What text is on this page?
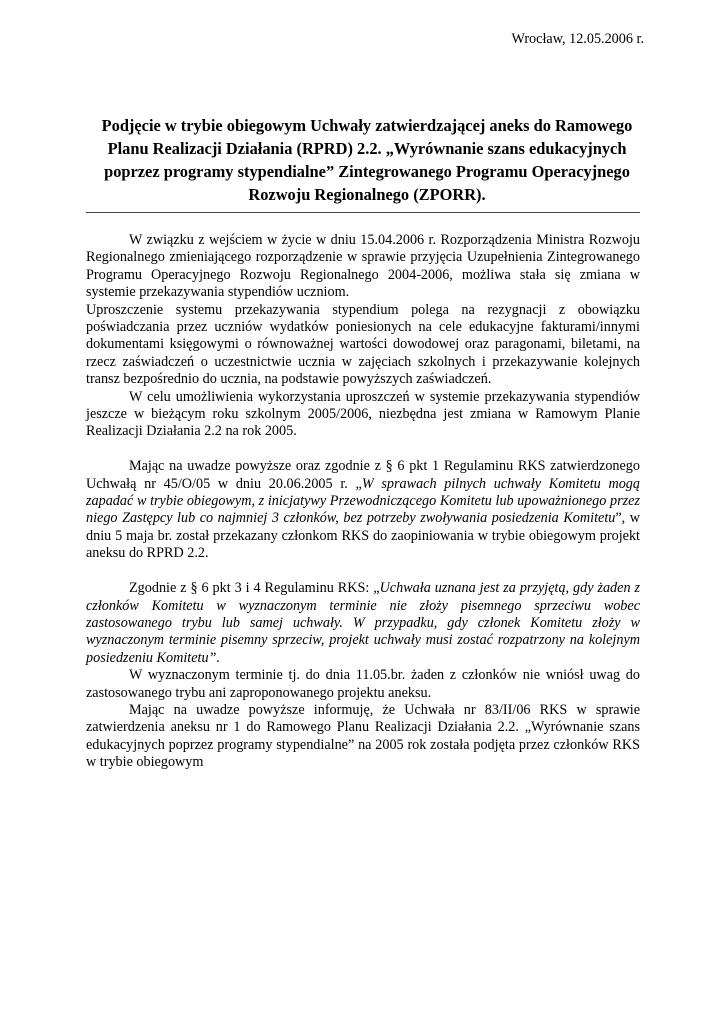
Wrocław, 12.05.2006 r.
Podjęcie w trybie obiegowym Uchwały zatwierdzającej aneks do Ramowego Planu Realizacji Działania (RPRD) 2.2. „Wyrównanie szans edukacyjnych poprzez programy stypendialne” Zintegrowanego Programu Operacyjnego Rozwoju Regionalnego (ZPORR).

W związku z wejściem w życie w dniu 15.04.2006 r. Rozporządzenia Ministra Rozwoju Regionalnego zmieniającego rozporządzenie w sprawie przyjęcia Uzupełnienia Zintegrowanego Programu Operacyjnego Rozwoju Regionalnego 2004-2006, możliwa stała się zmiana w systemie przekazywania stypendiów uczniom.

Uproszczenie systemu przekazywania stypendium polega na rezygnacji z obowiązku poświadczania przez uczniów wydatków poniesionych na cele edukacyjne fakturami/innymi dokumentami księgowymi o równoważnej wartości dowodowej oraz paragonami, biletami, na rzecz zaświadczeń o uczestnictwie ucznia w zajęciach szkolnych i przekazywanie kolejnych transz bezpośrednio do ucznia, na podstawie powyższych zaświadczeń.

W celu umożliwienia wykorzystania uproszczeń w systemie przekazywania stypendiów jeszcze w bieżącym roku szkolnym 2005/2006, niezbędna jest zmiana w Ramowym Planie Realizacji Działania 2.2 na rok 2005.

Mając na uwadze powyższe oraz zgodnie z § 6 pkt 1 Regulaminu RKS zatwierdzonego Uchwałą nr 45/O/05 w dniu 20.06.2005 r. „W sprawach pilnych uchwały Komitetu mogą zapadać w trybie obiegowym, z inicjatywy Przewodniczącego Komitetu lub upoważnionego przez niego Zastępcy lub co najmniej 3 członków, bez potrzeby zwoływania posiedzenia Komitetu”, w dniu 5 maja br. został przekazany członkom RKS do zaopiniowania w trybie obiegowym projekt aneksu do RPRD 2.2.

Zgodnie z § 6 pkt 3 i 4 Regulaminu RKS: „Uchwała uznana jest za przyjętą, gdy żaden z członków Komitetu w wyznaczonym terminie nie złoży pisemnego sprzeciwu wobec zastosowanego trybu lub samej uchwały. W przypadku, gdy członek Komitetu złoży w wyznaczonym terminie pisemny sprzeciw, projekt uchwały musi zostać rozpatrzony na kolejnym posiedzeniu Komitetu”.

W wyznaczonym terminie tj. do dnia 11.05.br. żaden z członków nie wniósł uwag do zastosowanego trybu ani zaproponowanego projektu aneksu.

Mając na uwadze powyższe informuję, że Uchwała nr 83/II/06 RKS w sprawie zatwierdzenia aneksu nr 1 do Ramowego Planu Realizacji Działania 2.2. „Wyrównanie szans edukacyjnych poprzez programy stypendialne” na 2005 rok została podjęta przez członków RKS w trybie obiegowym
